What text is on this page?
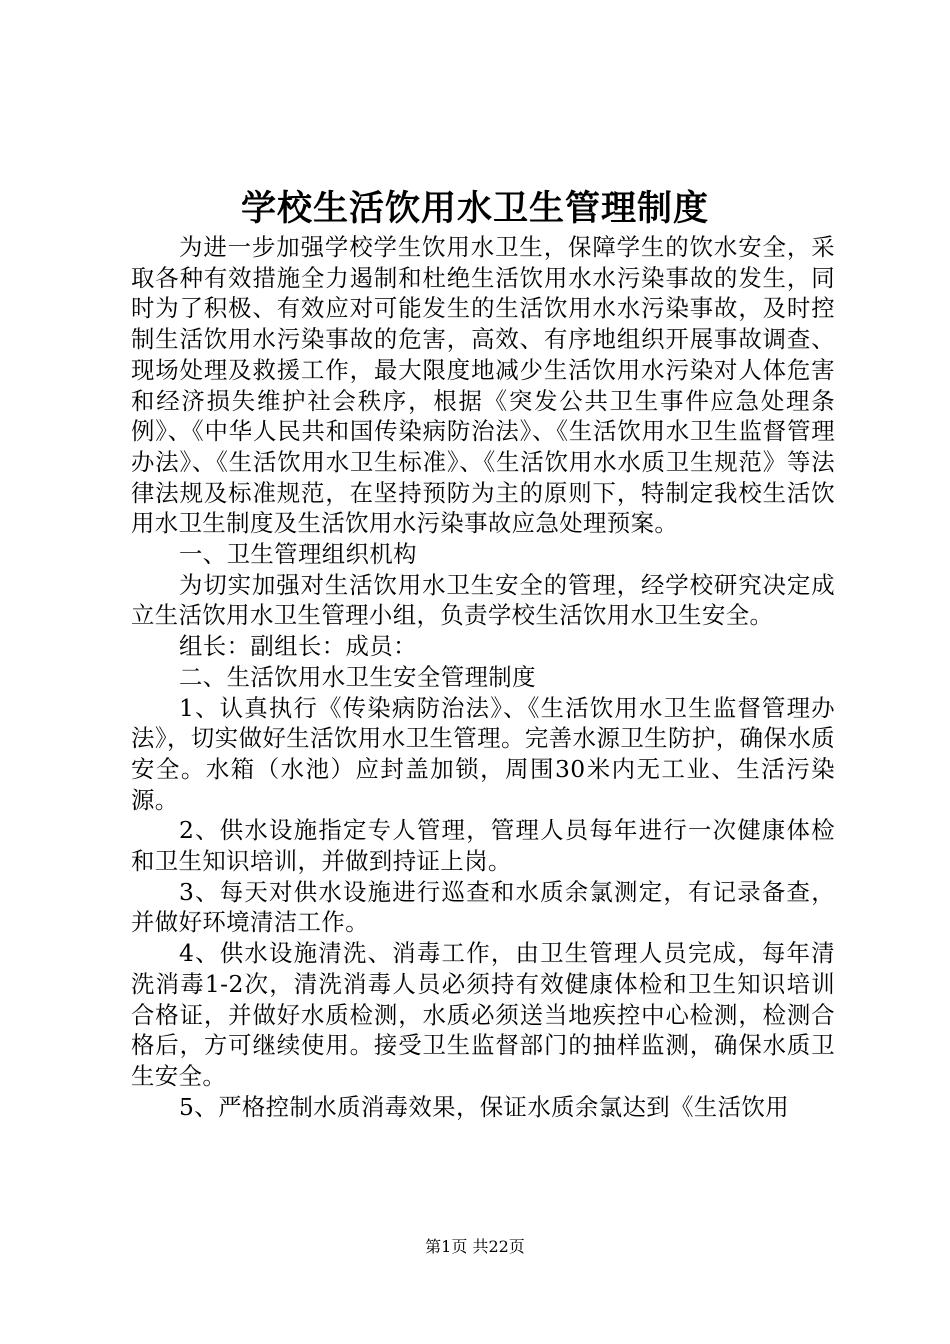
学校生活饮用水卫生管理制度

为进一步加强学校学生饮用水卫生，保障学生的饮水安全，采取各种有效措施全力遏制和杜绝生活饮用水水污染事故的发生，同时为了积极、有效应对可能发生的生活饮用水水污染事故，及时控制生活饮用水污染事故的危害，高效、有序地组织开展事故调查、现场处理及救援工作，最大限度地减少生活饮用水污染对人体危害和经济损失维护社会秩序，根据《突发公共卫生事件应急处理条例》、《中华人民共和国传染病防治法》、《生活饮用水卫生监督管理办法》、《生活饮用水卫生标准》、《生活饮用水水质卫生规范》等法律法规及标准规范，在坚持预防为主的原则下，特制定我校生活饮用水卫生制度及生活饮用水污染事故应急处理预案。

一、卫生管理组织机构

为切实加强对生活饮用水卫生安全的管理，经学校研究决定成立生活饮用水卫生管理小组，负责学校生活饮用水卫生安全。

组长：副组长：成员：

二、生活饮用水卫生安全管理制度

1、认真执行《传染病防治法》、《生活饮用水卫生监督管理办法》，切实做好生活饮用水卫生管理。完善水源卫生防护，确保水质安全。水箱（水池）应封盖加锁，周围30米内无工业、生活污染源。

2、供水设施指定专人管理，管理人员每年进行一次健康体检和卫生知识培训，并做到持证上岗。

3、每天对供水设施进行巡查和水质余氯测定，有记录备查，并做好环境清洁工作。

4、供水设施清洗、消毒工作，由卫生管理人员完成，每年清洗消毒1-2次，清洗消毒人员必须持有效健康体检和卫生知识培训合格证，并做好水质检测，水质必须送当地疾控中心检测，检测合格后，方可继续使用。接受卫生监督部门的抽样监测，确保水质卫生安全。

5、严格控制水质消毒效果，保证水质余氯达到《生活饮用

第1页 共22页
